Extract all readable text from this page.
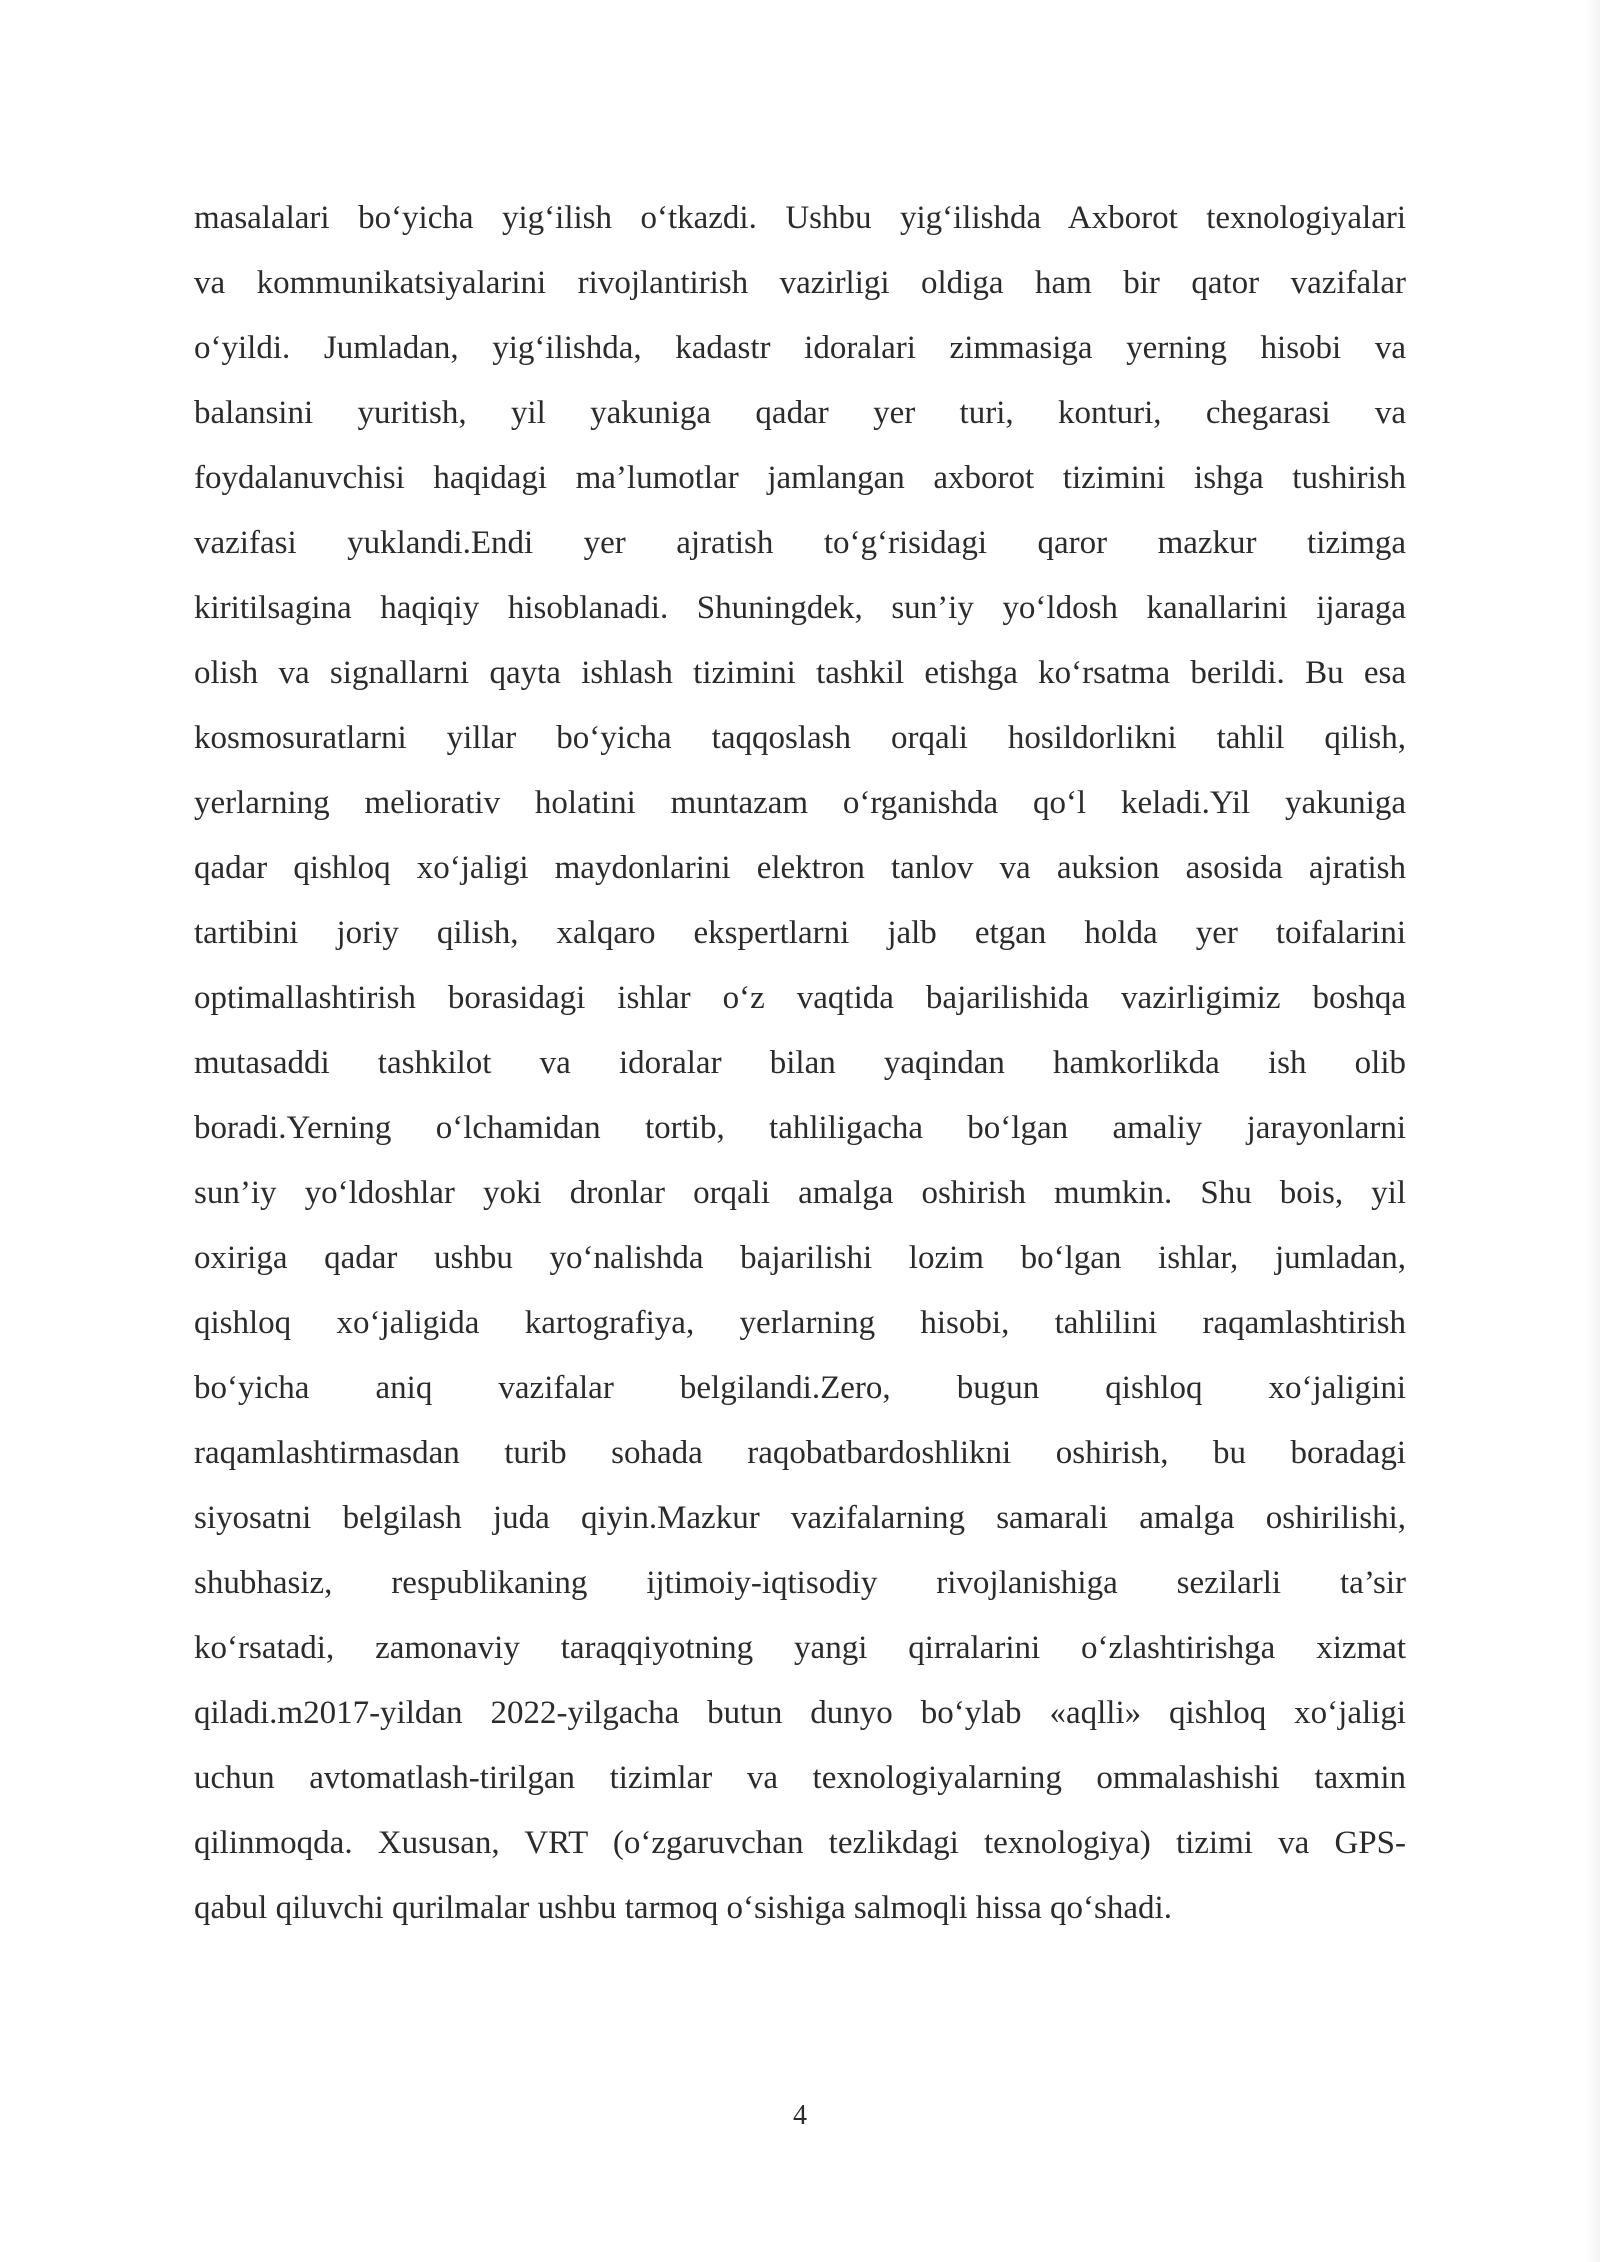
masalalari bo‘yicha yig‘ilish o‘tkazdi. Ushbu yig‘ilishda Axborot texnologiyalari
va kommunikatsiyalarini rivojlantirish vazirligi oldiga ham bir qator vazifalar
o‘yildi. Jumladan, yig‘ilishda, kadastr idoralari zimmasiga yerning hisobi va
balansini yuritish, yil yakuniga qadar yer turi, konturi, chegarasi va
foydalanuvchisi haqidagi ma’lumotlar jamlangan axborot tizimini ishga tushirish
vazifasi yuklandi.Endi yer ajratish to‘g‘risidagi qaror mazkur tizimga
kiritilsagina haqiqiy hisoblanadi. Shuningdek, sun’iy yo‘ldosh kanallarini ijaraga
olish va signallarni qayta ishlash tizimini tashkil etishga ko‘rsatma berildi. Bu esa
kosmosuratlarni yillar bo‘yicha taqqoslash orqali hosildorlikni tahlil qilish,
yerlarning meliorativ holatini muntazam o‘rganishda qo‘l keladi.Yil yakuniga
qadar qishloq xo‘jaligi maydonlarini elektron tanlov va auksion asosida ajratish
tartibini joriy qilish, xalqaro ekspertlarni jalb etgan holda yer toifalarini
optimallashtirish borasidagi ishlar o‘z vaqtida bajarilishida vazirligimiz boshqa
mutasaddi tashkilot va idoralar bilan yaqindan hamkorlikda ish olib
boradi.Yerning o‘lchamidan tortib, tahliligacha bo‘lgan amaliy jarayonlarni
sun’iy yo‘ldoshlar yoki dronlar orqali amalga oshirish mumkin. Shu bois, yil
oxiriga qadar ushbu yo‘nalishda bajarilishi lozim bo‘lgan ishlar, jumladan,
qishloq xo‘jaligida kartografiya, yerlarning hisobi, tahlilini raqamlashtirish
bo‘yicha aniq vazifalar belgilandi.Zero, bugun qishloq xo‘jaligini
raqamlashtirmasdan turib sohada raqobatbardoshlikni oshirish, bu boradagi
siyosatni belgilash juda qiyin.Mazkur vazifalarning samarali amalga oshirilishi,
shubhasiz, respublikaning ijtimoiy-iqtisodiy rivojlanishiga sezilarli ta’sir
ko‘rsatadi, zamonaviy taraqqiyotning yangi qirralarini o‘zlashtirishga xizmat
qiladi.m2017-yildan 2022-yilgacha butun dunyo bo‘ylab «aqlli» qishloq xo‘jaligi
uchun avtomatlash-tirilgan tizimlar va texnologiyalarning ommalashishi taxmin
qilinmoqda. Xususan, VRT (o‘zgaruvchan tezlikdagi texnologiya) tizimi va GPS-
qabul qiluvchi qurilmalar ushbu tarmoq o‘sishiga salmoqli hissa qo‘shadi.
4
